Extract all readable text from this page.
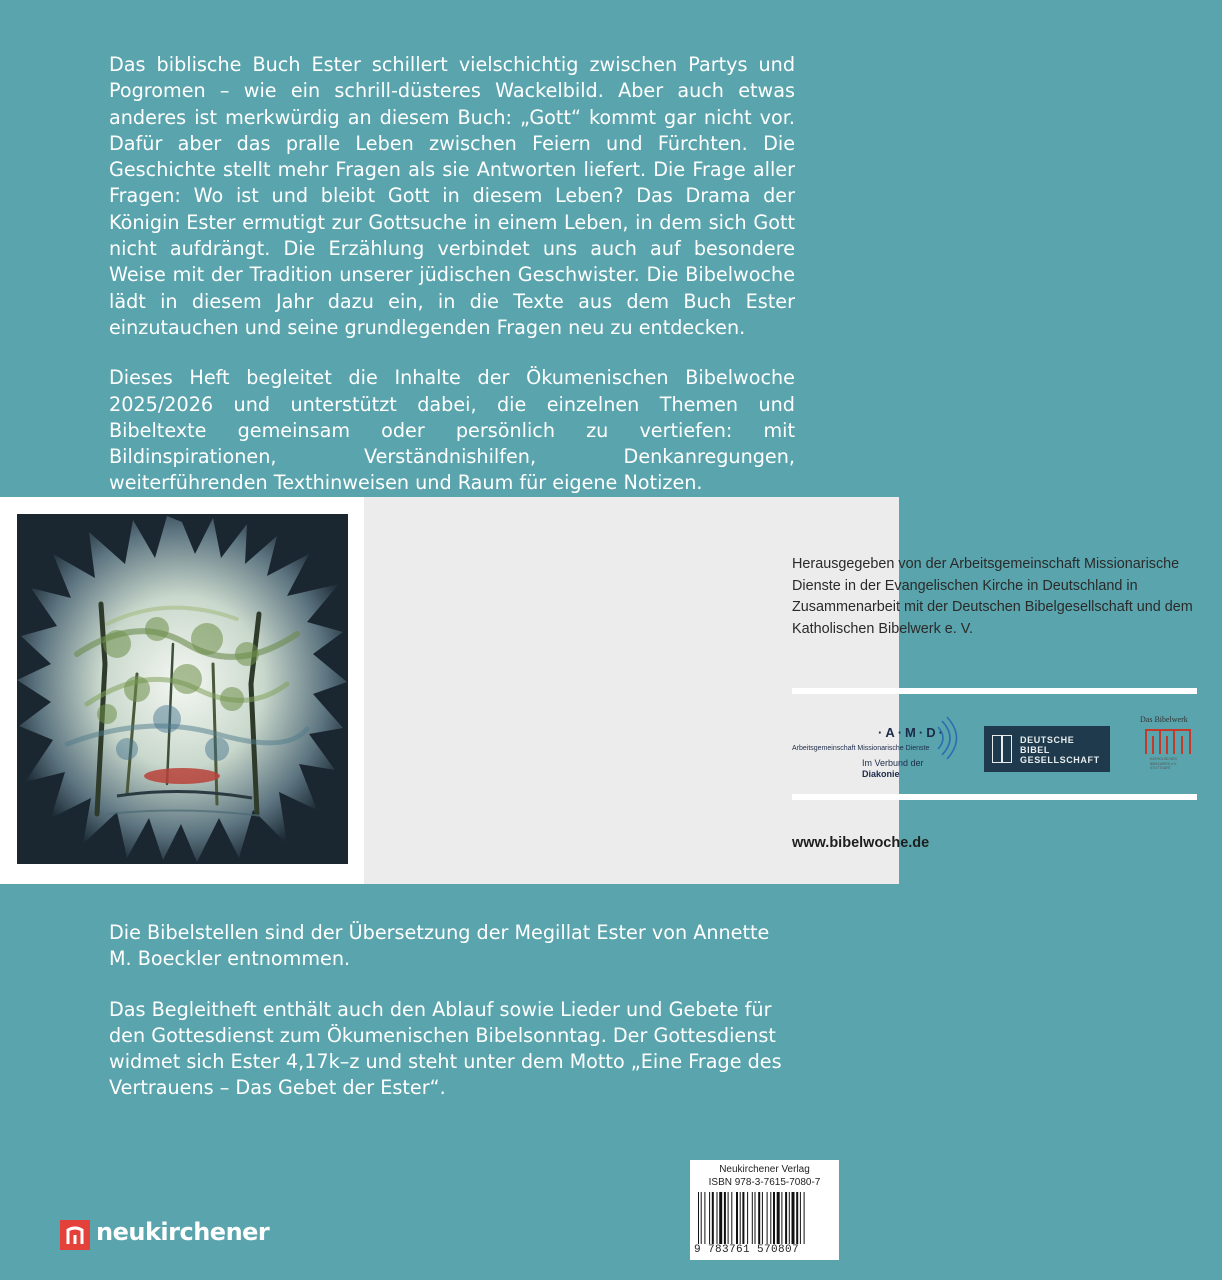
Das biblische Buch Ester schillert vielschichtig zwischen Partys und Pogromen – wie ein schrill-düsteres Wackelbild. Aber auch etwas anderes ist merkwürdig an diesem Buch: „Gott“ kommt gar nicht vor. Dafür aber das pralle Leben zwischen Feiern und Fürchten. Die Geschichte stellt mehr Fragen als sie Antworten liefert. Die Frage aller Fragen: Wo ist und bleibt Gott in diesem Leben? Das Drama der Königin Ester ermutigt zur Gottsuche in einem Leben, in dem sich Gott nicht aufdrängt. Die Erzählung verbindet uns auch auf besondere Weise mit der Tradition unserer jüdischen Geschwister. Die Bibelwoche lädt in diesem Jahr dazu ein, in die Texte aus dem Buch Ester einzutauchen und seine grundlegenden Fragen neu zu entdecken.

Dieses Heft begleitet die Inhalte der Ökumenischen Bibelwoche 2025/2026 und unterstützt dabei, die einzelnen Themen und Bibeltexte gemeinsam oder persönlich zu vertiefen: mit Bildinspirationen, Verständnishilfen, Denkanregungen, weiterführenden Texthinweisen und Raum für eigene Notizen.

Herausgegeben von der Arbeitsgemeinschaft Missionarische Dienste in der Evangelischen Kirche in Deutschland in Zusammenarbeit mit der Deutschen Bibelgesellschaft und dem Katholischen Bibelwerk e. V.

·A·M·D·
Arbeitsgemeinschaft Missionarische Dienste
Im Verbund der
Diakonie
DEUTSCHE
BIBEL
GESELLSCHAFT
Das Bibelwerk
KATHOLISCHES BIBELWERK e.V. STUTTGART
www.bibelwoche.de

Die Bibelstellen sind der Übersetzung der Megillat Ester von Annette M. Boeckler entnommen.

Das Begleitheft enthält auch den Ablauf sowie Lieder und Gebete für den Gottesdienst zum Ökumenischen Bibelsonntag. Der Gottesdienst widmet sich Ester 4,17k–z und steht unter dem Motto „Eine Frage des Vertrauens – Das Gebet der Ester“.

neukirchener
Neukirchener Verlag
ISBN 978-3-7615-7080-7
9 783761 570807
